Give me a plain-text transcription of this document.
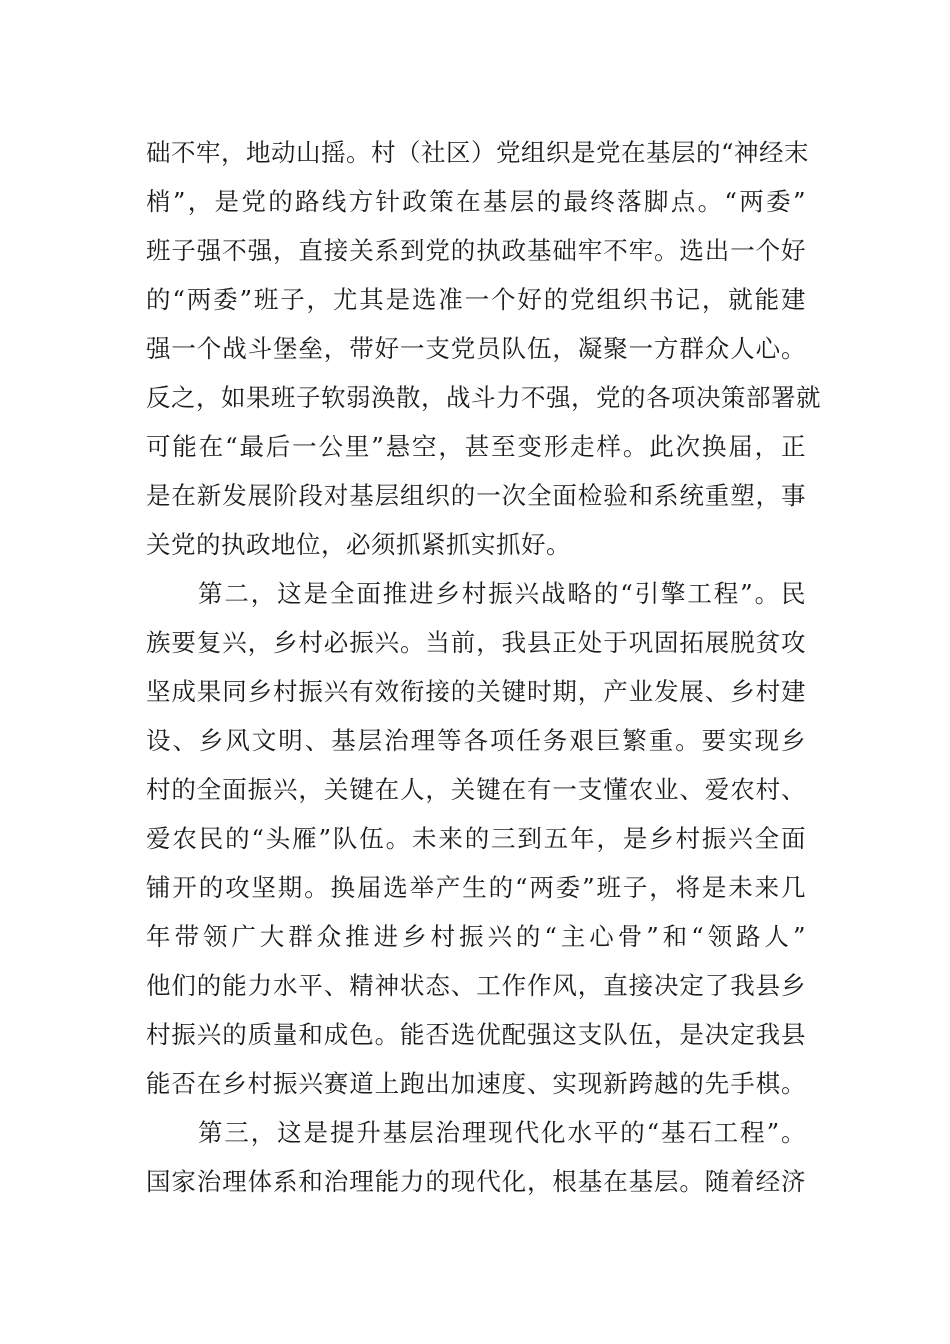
础不牢，地动山摇。村（社区）党组织是党在基层的“神经末
梢”，是党的路线方针政策在基层的最终落脚点。“两委”
班子强不强，直接关系到党的执政基础牢不牢。选出一个好
的“两委”班子，尤其是选准一个好的党组织书记，就能建
强一个战斗堡垒，带好一支党员队伍，凝聚一方群众人心。
反之，如果班子软弱涣散，战斗力不强，党的各项决策部署就
可能在“最后一公里”悬空，甚至变形走样。此次换届，正
是在新发展阶段对基层组织的一次全面检验和系统重塑，事
关党的执政地位，必须抓紧抓实抓好。
第二，这是全面推进乡村振兴战略的“引擎工程”。民
族要复兴，乡村必振兴。当前，我县正处于巩固拓展脱贫攻
坚成果同乡村振兴有效衔接的关键时期，产业发展、乡村建
设、乡风文明、基层治理等各项任务艰巨繁重。要实现乡
村的全面振兴，关键在人，关键在有一支懂农业、爱农村、
爱农民的“头雁”队伍。未来的三到五年，是乡村振兴全面
铺开的攻坚期。换届选举产生的“两委”班子，将是未来几
年带领广大群众推进乡村振兴的“主心骨”和“领路人”
他们的能力水平、精神状态、工作作风，直接决定了我县乡
村振兴的质量和成色。能否选优配强这支队伍，是决定我县
能否在乡村振兴赛道上跑出加速度、实现新跨越的先手棋。
第三，这是提升基层治理现代化水平的“基石工程”。
国家治理体系和治理能力的现代化，根基在基层。随着经济
